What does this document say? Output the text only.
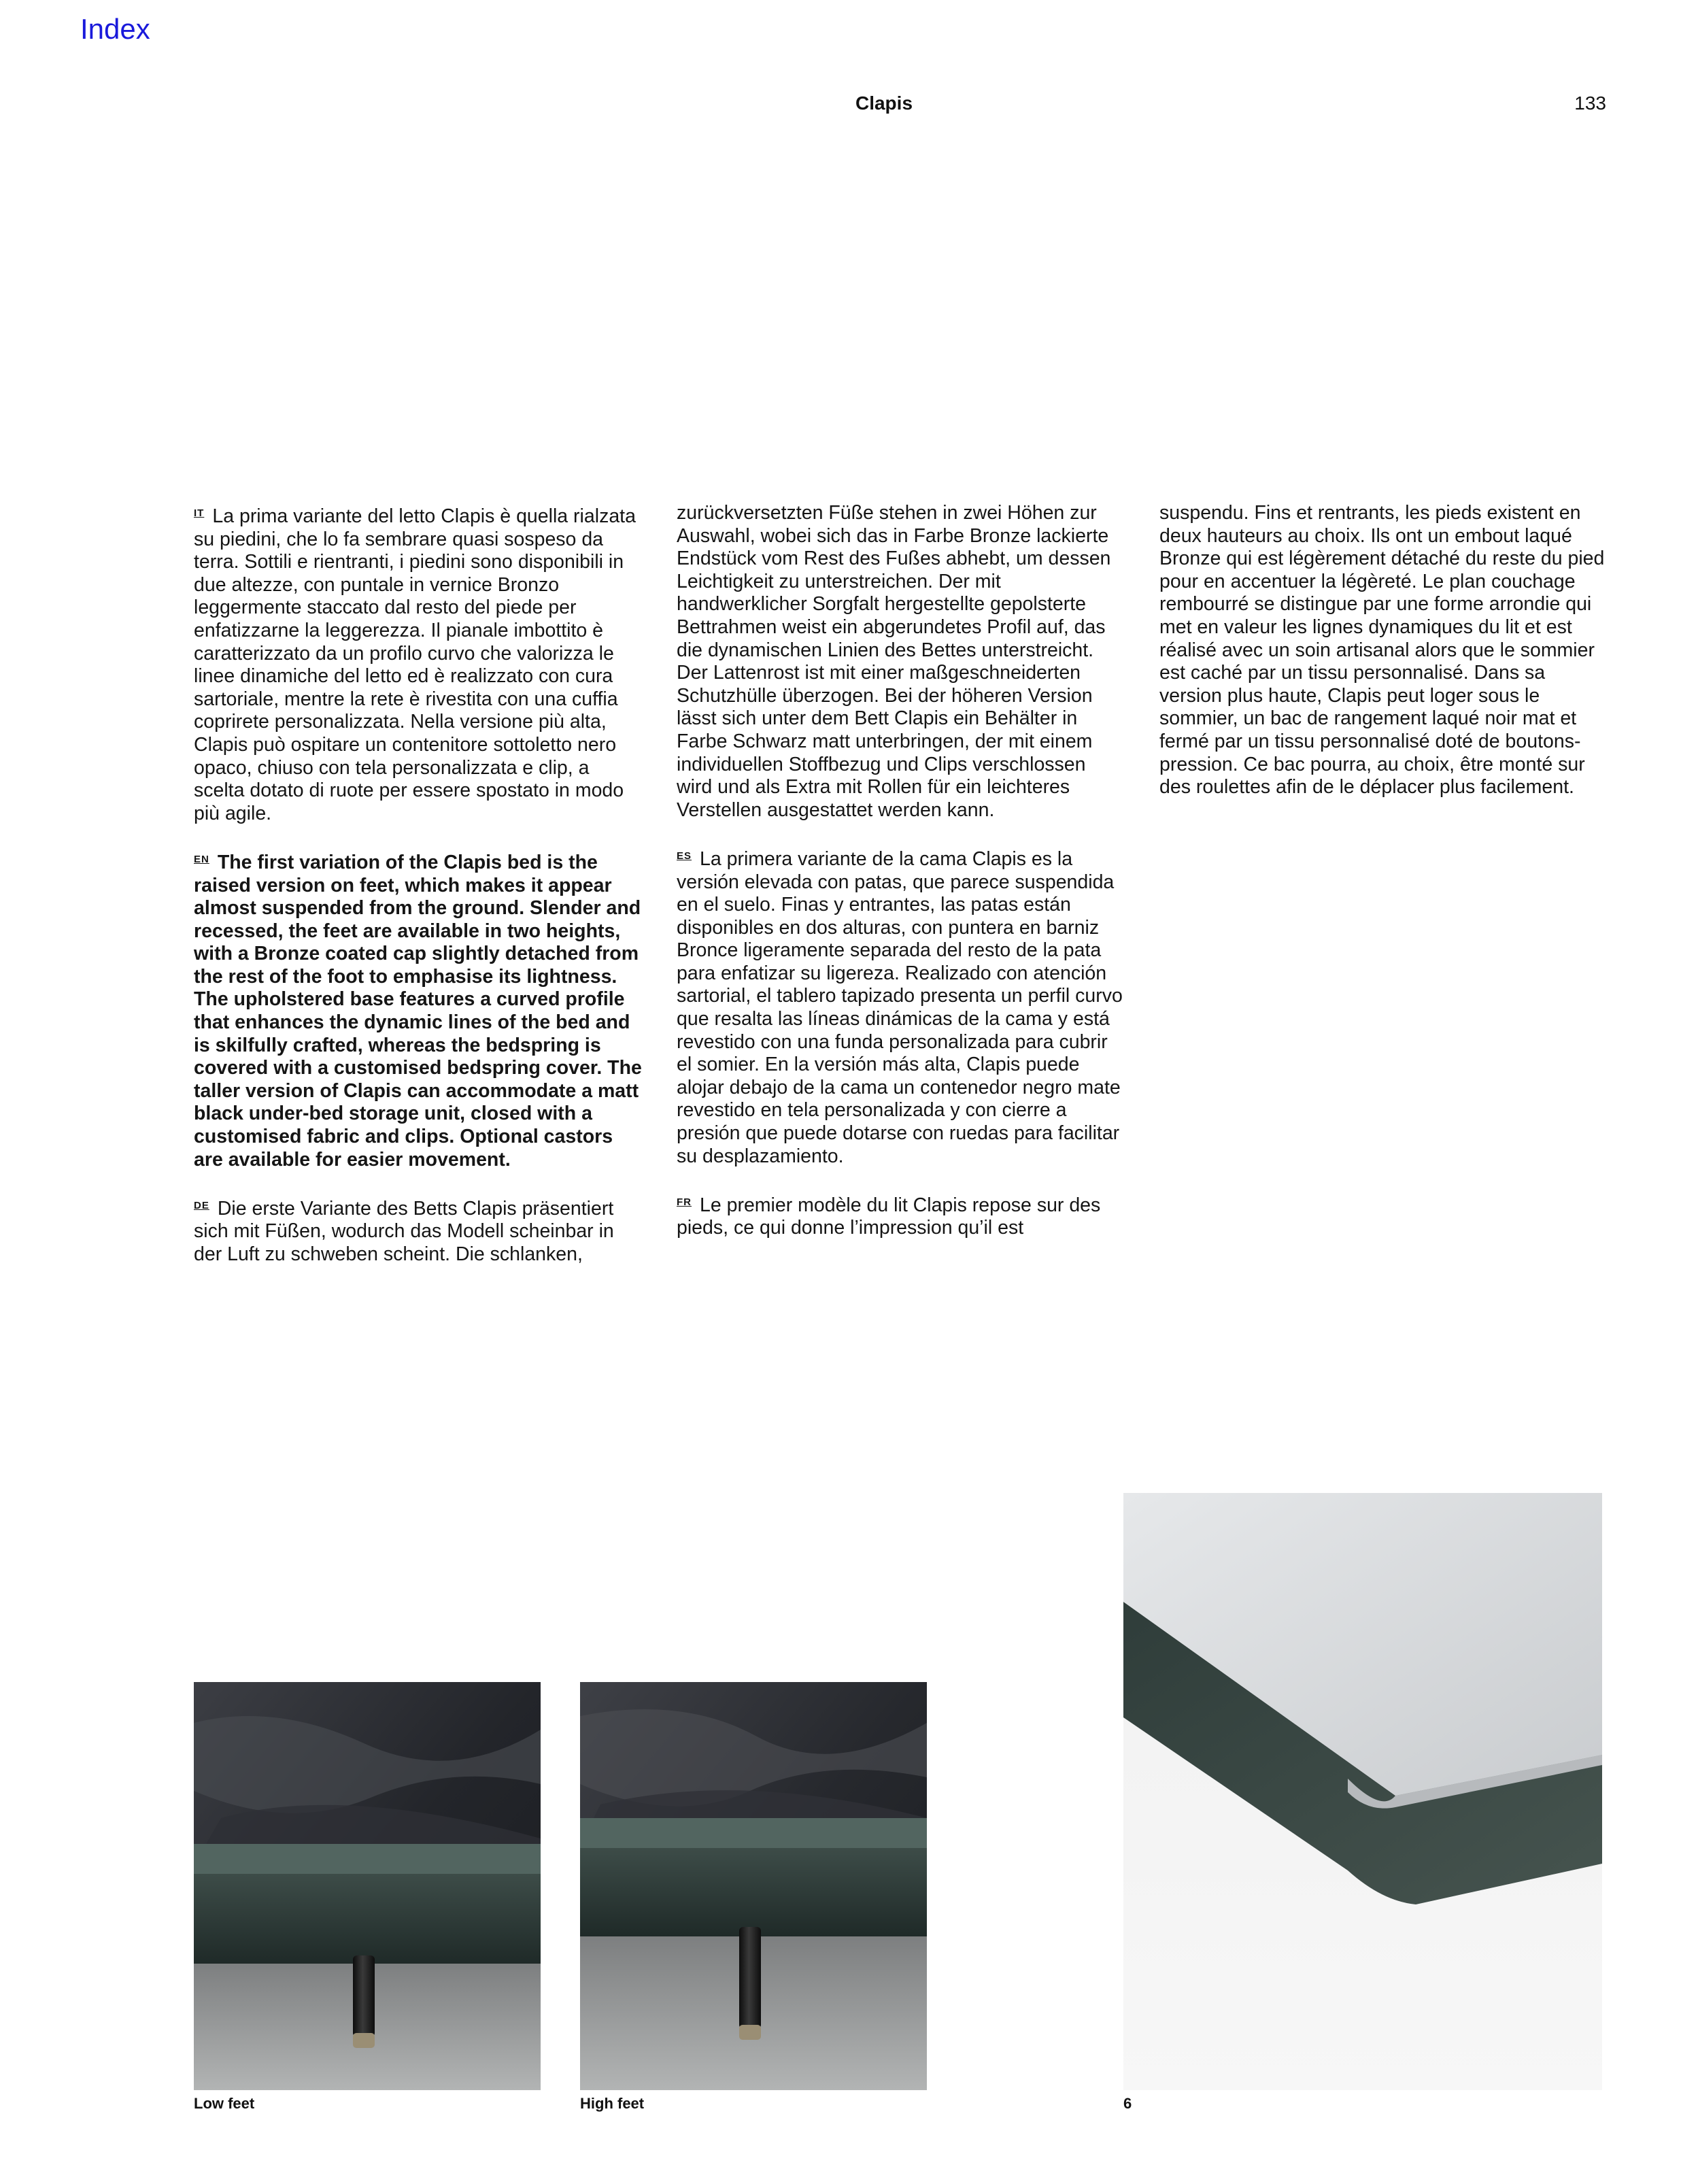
Index
Clapis	133

$^{IT}$ La prima variante del letto Clapis è quella rialzata su piedini, che lo fa sembrare quasi sospeso da terra. Sottili e rientranti, i piedini sono disponibili in due altezze, con puntale in vernice Bronzo leggermente staccato dal resto del piede per enfatizzarne la leggerezza. Il pianale imbottito è caratterizzato da un profilo curvo che valorizza le linee dinamiche del letto ed è realizzato con cura sartoriale, mentre la rete è rivestita con una cuffia coprirete personalizzata. Nella versione più alta, Clapis può ospitare un contenitore sottoletto nero opaco, chiuso con tela personalizzata e clip, a scelta dotato di ruote per essere spostato in modo più agile.

$^{EN}$ The first variation of the Clapis bed is the raised version on feet, which makes it appear almost suspended from the ground. Slender and recessed, the feet are available in two heights, with a Bronze coated cap slightly detached from the rest of the foot to emphasise its lightness. The upholstered base features a curved profile that enhances the dynamic lines of the bed and is skilfully crafted, whereas the bedspring is covered with a customised bedspring cover. The taller version of Clapis can accommodate a matt black under-bed storage unit, closed with a customised fabric and clips. Optional castors are available for easier movement.

$^{DE}$ Die erste Variante des Betts Clapis präsentiert sich mit Füßen, wodurch das Modell scheinbar in der Luft zu schweben scheint. Die schlanken,

zurückversetzten Füße stehen in zwei Höhen zur Auswahl, wobei sich das in Farbe Bronze lackierte Endstück vom Rest des Fußes abhebt, um dessen Leichtigkeit zu unterstreichen. Der mit handwerklicher Sorgfalt hergestellte gepolsterte Bettrahmen weist ein abgerundetes Profil auf, das die dynamischen Linien des Bettes unterstreicht. Der Lattenrost ist mit einer maßgeschneiderten Schutzhülle überzogen. Bei der höheren Version lässt sich unter dem Bett Clapis ein Behälter in Farbe Schwarz matt unterbringen, der mit einem individuellen Stoffbezug und Clips verschlossen wird und als Extra mit Rollen für ein leichteres Verstellen ausgestattet werden kann.

$^{ES}$ La primera variante de la cama Clapis es la versión elevada con patas, que parece suspendida en el suelo. Finas y entrantes, las patas están disponibles en dos alturas, con puntera en barniz Bronce ligeramente separada del resto de la pata para enfatizar su ligereza. Realizado con atención sartorial, el tablero tapizado presenta un perfil curvo que resalta las líneas dinámicas de la cama y está revestido con una funda personalizada para cubrir el somier. En la versión más alta, Clapis puede alojar debajo de la cama un contenedor negro mate revestido en tela personalizada y con cierre a presión que puede dotarse con ruedas para facilitar su desplazamiento.

$^{FR}$ Le premier modèle du lit Clapis repose sur des pieds, ce qui donne l’impression qu’il est

suspendu. Fins et rentrants, les pieds existent en deux hauteurs au choix. Ils ont un embout laqué Bronze qui est légèrement détaché du reste du pied pour en accentuer la légèreté. Le plan couchage rembourré se distingue par une forme arrondie qui met en valeur les lignes dynamiques du lit et est réalisé avec un soin artisanal alors que le sommier est caché par un tissu personnalisé. Dans sa version plus haute, Clapis peut loger sous le sommier, un bac de rangement laqué noir mat et fermé par un tissu personnalisé doté de boutons-pression. Ce bac pourra, au choix, être monté sur des roulettes afin de le déplacer plus facilement.

Low feet	High feet	6
